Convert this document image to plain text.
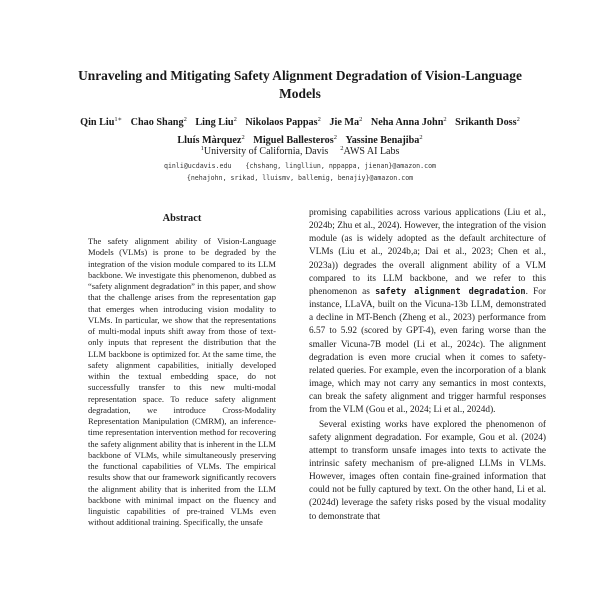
Unraveling and Mitigating Safety Alignment Degradation of Vision-Language Models
Qin Liu$^{1∗}$ Chao Shang$^2$ Ling Liu$^2$ Nikolaos Pappas$^2$ Jie Ma$^2$ Neha Anna John$^2$ Srikanth Doss$^2$ Lluís Màrquez$^2$ Miguel Ballesteros$^2$ Yassine Benajiba$^2$
$^1$University of California, Davis $^2$AWS AI Labs
qinli@ucdavis.edu {chshang, linglliun, nppappa, jienan}@amazon.com
{nehajohn, srikad, lluismv, ballemig, benajiy}@amazon.com
Abstract
The safety alignment ability of Vision-Language Models (VLMs) is prone to be degraded by the integration of the vision module compared to its LLM backbone. We investigate this phenomenon, dubbed as “safety alignment degradation” in this paper, and show that the challenge arises from the representation gap that emerges when introducing vision modality to VLMs. In particular, we show that the representations of multi-modal inputs shift away from those of text-only inputs that represent the distribution that the LLM backbone is optimized for. At the same time, the safety alignment capabilities, initially developed within the textual embedding space, do not successfully transfer to this new multi-modal representation space. To reduce safety alignment degradation, we introduce Cross-Modality Representation Manipulation (CMRM), an inference-time representation intervention method for recovering the safety alignment ability that is inherent in the LLM backbone of VLMs, while simultaneously preserving the functional capabilities of VLMs. The empirical results show that our framework significantly recovers the alignment ability that is inherited from the LLM backbone with minimal impact on the fluency and linguistic capabilities of pre-trained VLMs even without additional training. Specifically, the unsafe

promising capabilities across various applications (Liu et al., 2024b; Zhu et al., 2024). However, the integration of the vision module (as is widely adopted as the default architecture of VLMs (Liu et al., 2024b,a; Dai et al., 2023; Chen et al., 2023a)) degrades the overall alignment ability of a VLM compared to its LLM backbone, and we refer to this phenomenon as safety alignment degradation. For instance, LLaVA, built on the Vicuna-13b LLM, demonstrated a decline in MT-Bench (Zheng et al., 2023) performance from 6.57 to 5.92 (scored by GPT-4), even faring worse than the smaller Vicuna-7B model (Li et al., 2024c). The alignment degradation is even more crucial when it comes to safety-related queries. For example, even the incorporation of a blank image, which may not carry any semantics in most contexts, can break the safety alignment and trigger harmful responses from the VLM (Gou et al., 2024; Li et al., 2024d).

Several existing works have explored the phenomenon of safety alignment degradation. For example, Gou et al. (2024) attempt to transform unsafe images into texts to activate the intrinsic safety mechanism of pre-aligned LLMs in VLMs. However, images often contain fine-grained information that could not be fully captured by text. On the other hand, Li et al. (2024d) leverage the safety risks posed by the visual modality to demonstrate that
